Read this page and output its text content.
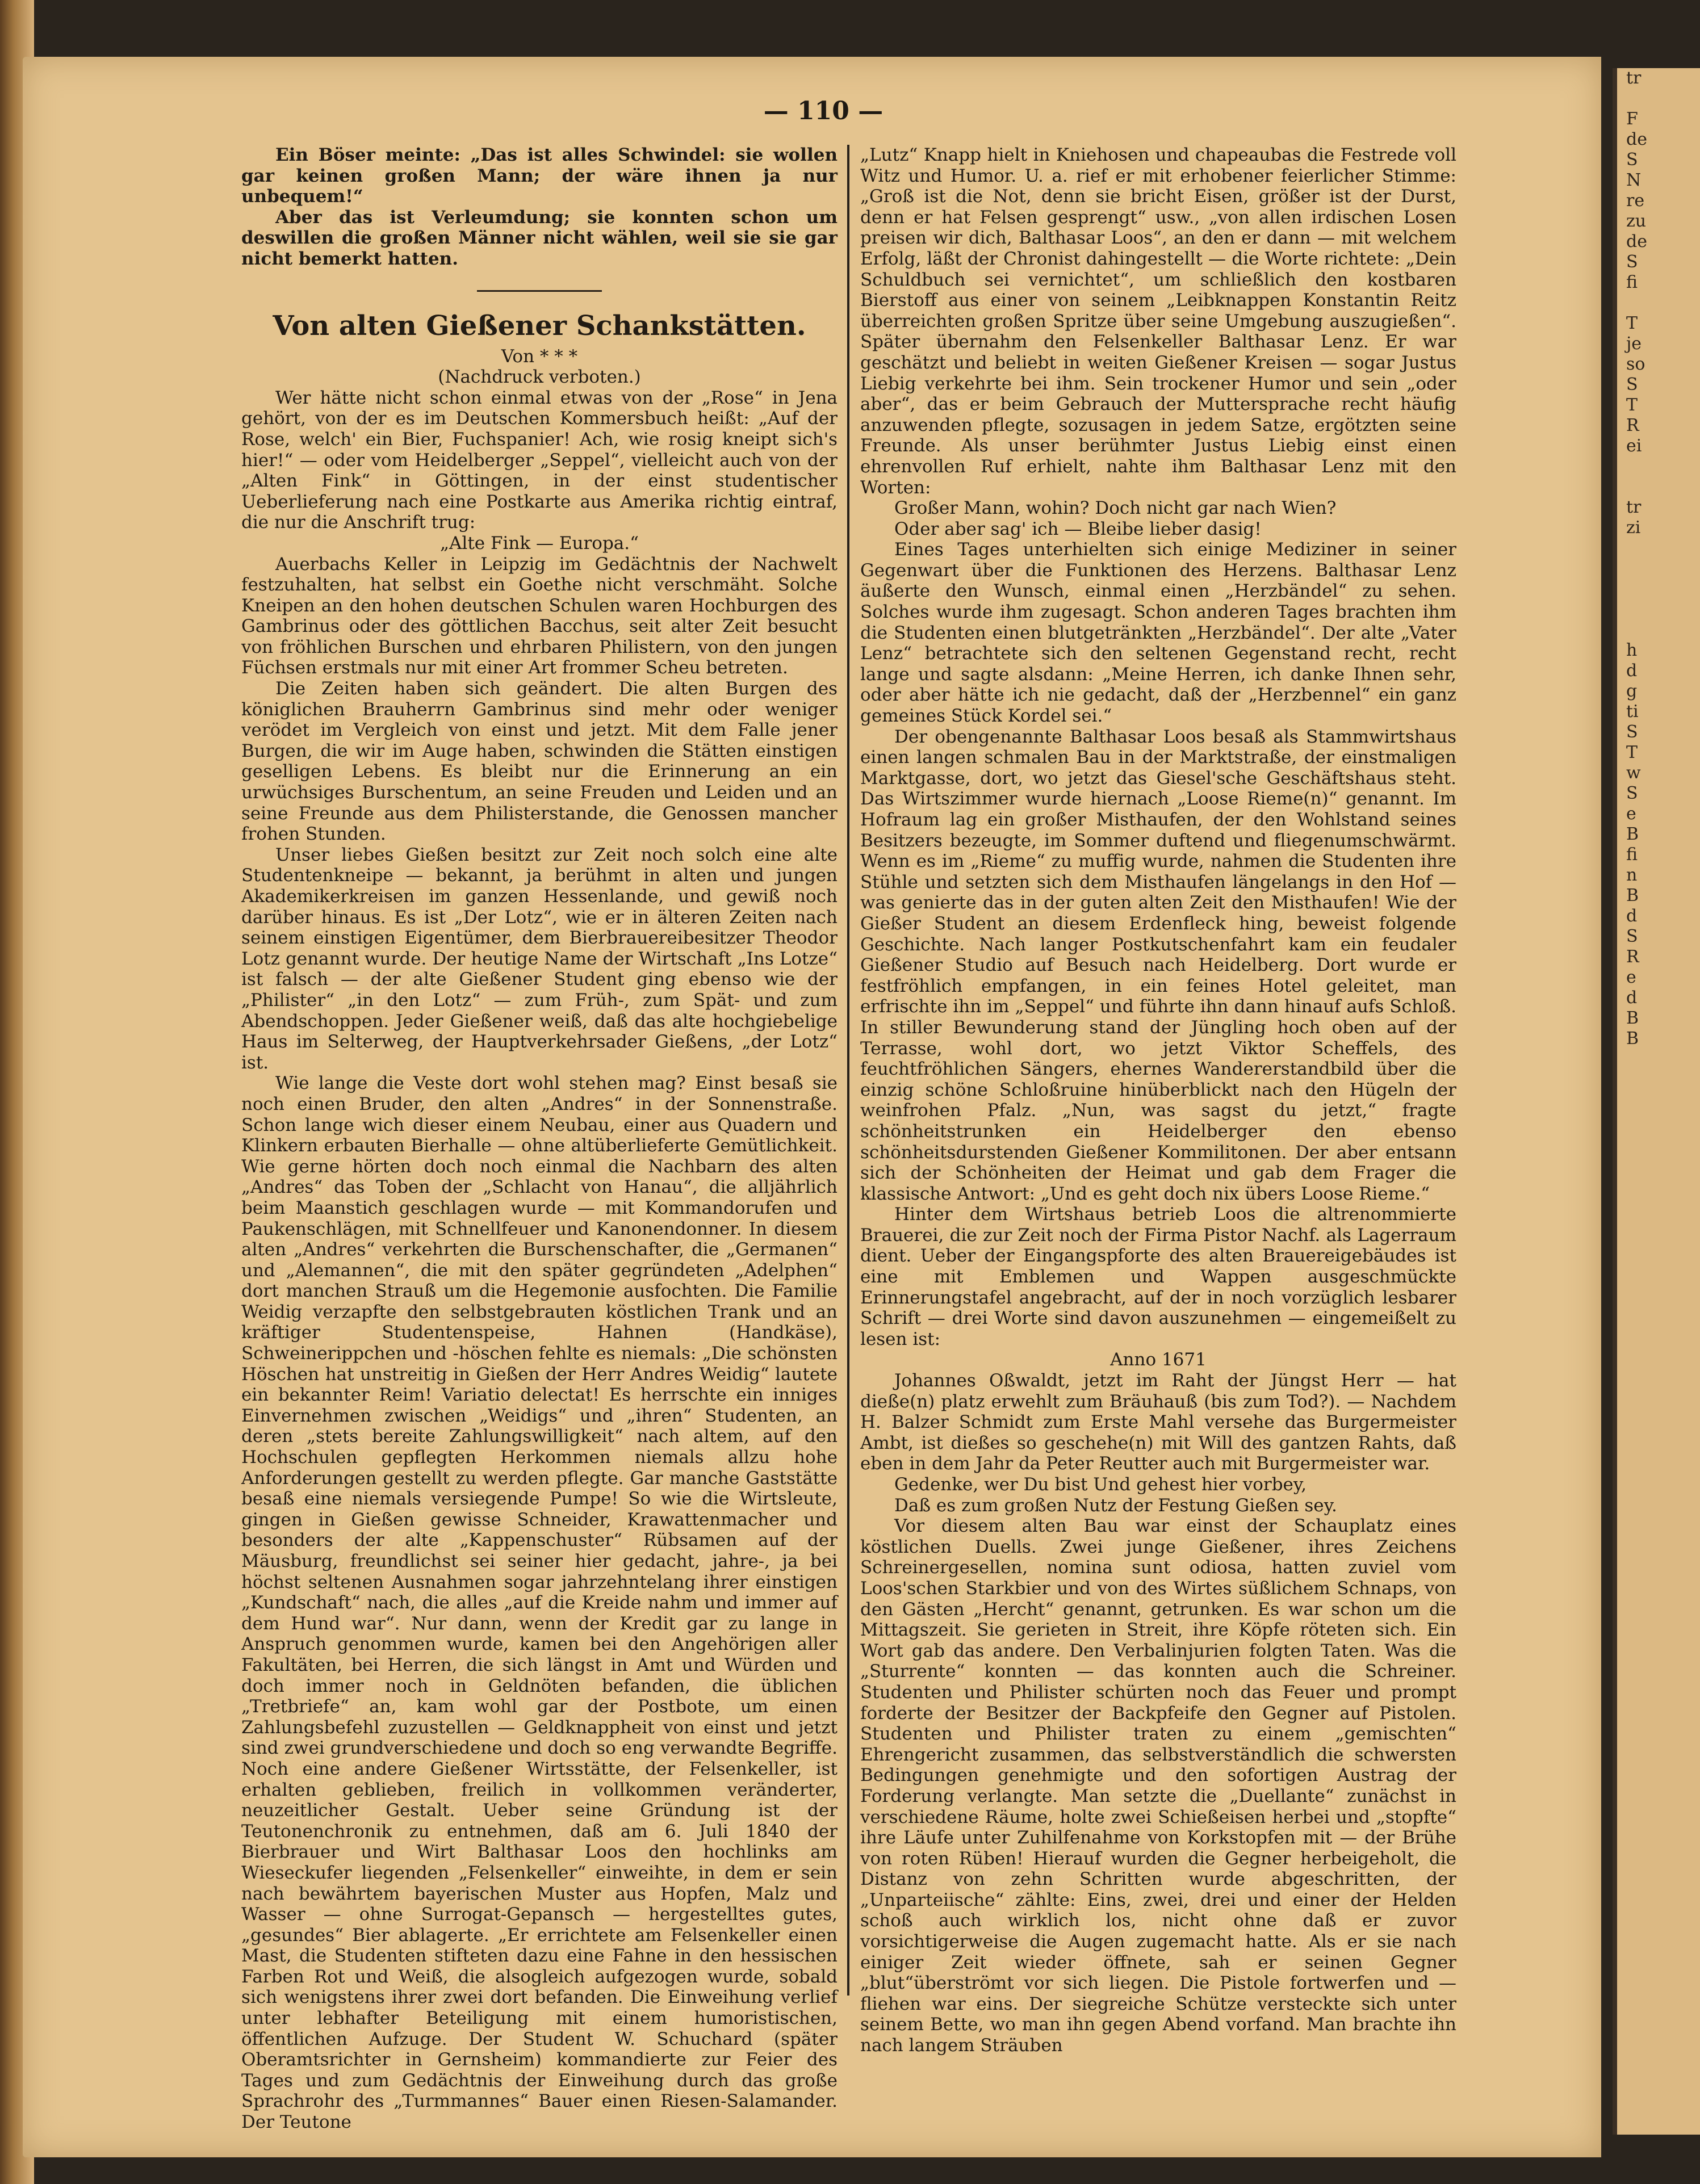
tr

F
de
S
N
re
zu
de
S
fi

T
je
so
S
T
R
ei

tr
zi

h
d
g
ti
S
T
w
S
e
B
fi
n
B
d
S
R
e
d
B
B
— 110 —

Ein Böser meinte: „Das ist alles Schwindel: sie wollen gar keinen großen Mann; der wäre ihnen ja nur unbequem!“

Aber das ist Verleumdung; sie konnten schon um deswillen die großen Männer nicht wählen, weil sie sie gar nicht bemerkt hatten.

Von alten Gießener Schankstätten.

Von * * *

(Nachdruck verboten.)

Wer hätte nicht schon einmal etwas von der „Rose“ in Jena gehört, von der es im Deutschen Kommersbuch heißt: „Auf der Rose, welch' ein Bier, Fuchspanier! Ach, wie rosig kneipt sich's hier!“ — oder vom Heidelberger „Seppel“, vielleicht auch von der „Alten Fink“ in Göttingen, in der einst studentischer Ueberlieferung nach eine Postkarte aus Amerika richtig eintraf, die nur die Anschrift trug:

„Alte Fink — Europa.“

Auerbachs Keller in Leipzig im Gedächtnis der Nachwelt festzuhalten, hat selbst ein Goethe nicht verschmäht. Solche Kneipen an den hohen deutschen Schulen waren Hochburgen des Gambrinus oder des göttlichen Bacchus, seit alter Zeit besucht von fröhlichen Burschen und ehrbaren Philistern, von den jungen Füchsen erstmals nur mit einer Art frommer Scheu betreten.

Die Zeiten haben sich geändert. Die alten Burgen des königlichen Brauherrn Gambrinus sind mehr oder weniger verödet im Vergleich von einst und jetzt. Mit dem Falle jener Burgen, die wir im Auge haben, schwinden die Stätten einstigen geselligen Lebens. Es bleibt nur die Erinnerung an ein urwüchsiges Burschentum, an seine Freuden und Leiden und an seine Freunde aus dem Philisterstande, die Genossen mancher frohen Stunden.

Unser liebes Gießen besitzt zur Zeit noch solch eine alte Studentenkneipe — bekannt, ja berühmt in alten und jungen Akademikerkreisen im ganzen Hessenlande, und gewiß noch darüber hinaus. Es ist „Der Lotz“, wie er in älteren Zeiten nach seinem einstigen Eigentümer, dem Bierbrauereibesitzer Theodor Lotz genannt wurde. Der heutige Name der Wirtschaft „Ins Lotze“ ist falsch — der alte Gießener Student ging ebenso wie der „Philister“ „in den Lotz“ — zum Früh-, zum Spät- und zum Abendschoppen. Jeder Gießener weiß, daß das alte hochgiebelige Haus im Selterweg, der Hauptverkehrsader Gießens, „der Lotz“ ist.

Wie lange die Veste dort wohl stehen mag? Einst besaß sie noch einen Bruder, den alten „Andres“ in der Sonnenstraße. Schon lange wich dieser einem Neubau, einer aus Quadern und Klinkern erbauten Bierhalle — ohne altüberlieferte Gemütlichkeit. Wie gerne hörten doch noch einmal die Nachbarn des alten „Andres“ das Toben der „Schlacht von Hanau“, die alljährlich beim Maanstich geschlagen wurde — mit Kommandorufen und Paukenschlägen, mit Schnellfeuer und Kanonendonner. In diesem alten „Andres“ verkehrten die Burschenschafter, die „Germanen“ und „Alemannen“, die mit den später gegründeten „Adelphen“ dort manchen Strauß um die Hegemonie ausfochten. Die Familie Weidig verzapfte den selbstgebrauten köstlichen Trank und an kräftiger Studentenspeise, Hahnen (Handkäse), Schweinerippchen und -höschen fehlte es niemals: „Die schönsten Höschen hat unstreitig in Gießen der Herr Andres Weidig“ lautete ein bekannter Reim! Variatio delectat! Es herrschte ein inniges Einvernehmen zwischen „Weidigs“ und „ihren“ Studenten, an deren „stets bereite Zahlungswilligkeit“ nach altem, auf den Hochschulen gepflegten Herkommen niemals allzu hohe Anforderungen gestellt zu werden pflegte. Gar manche Gaststätte besaß eine niemals versiegende Pumpe! So wie die Wirtsleute, gingen in Gießen gewisse Schneider, Krawattenmacher und besonders der alte „Kappenschuster“ Rübsamen auf der Mäusburg, freundlichst sei seiner hier gedacht, jahre-, ja bei höchst seltenen Ausnahmen sogar jahrzehntelang ihrer einstigen „Kundschaft“ nach, die alles „auf die Kreide nahm und immer auf dem Hund war“. Nur dann, wenn der Kredit gar zu lange in Anspruch genommen wurde, kamen bei den Angehörigen aller Fakultäten, bei Herren, die sich längst in Amt und Würden und doch immer noch in Geldnöten befanden, die üblichen „Tretbriefe“ an, kam wohl gar der Postbote, um einen Zahlungsbefehl zuzustellen — Geldknappheit von einst und jetzt sind zwei grundverschiedene und doch so eng verwandte Begriffe. Noch eine andere Gießener Wirtsstätte, der Felsenkeller, ist erhalten geblieben, freilich in vollkommen veränderter, neuzeitlicher Gestalt. Ueber seine Gründung ist der Teutonenchronik zu entnehmen, daß am 6. Juli 1840 der Bierbrauer und Wirt Balthasar Loos den hochlinks am Wieseckufer liegenden „Felsenkeller“ einweihte, in dem er sein nach bewährtem bayerischen Muster aus Hopfen, Malz und Wasser — ohne Surrogat-Gepansch — hergestelltes gutes, „gesundes“ Bier ablagerte. „Er errichtete am Felsenkeller einen Mast, die Studenten stifteten dazu eine Fahne in den hessischen Farben Rot und Weiß, die alsogleich aufgezogen wurde, sobald sich wenigstens ihrer zwei dort befanden. Die Einweihung verlief unter lebhafter Beteiligung mit einem humoristischen, öffentlichen Aufzuge. Der Student W. Schuchard (später Oberamtsrichter in Gernsheim) kommandierte zur Feier des Tages und zum Gedächtnis der Einweihung durch das große Sprachrohr des „Turmmannes“ Bauer einen Riesen-Salamander. Der Teutone

„Lutz“ Knapp hielt in Kniehosen und chapeaubas die Festrede voll Witz und Humor. U. a. rief er mit erhobener feierlicher Stimme: „Groß ist die Not, denn sie bricht Eisen, größer ist der Durst, denn er hat Felsen gesprengt“ usw., „von allen irdischen Losen preisen wir dich, Balthasar Loos“, an den er dann — mit welchem Erfolg, läßt der Chronist dahingestellt — die Worte richtete: „Dein Schuldbuch sei vernichtet“, um schließlich den kostbaren Bierstoff aus einer von seinem „Leibknappen Konstantin Reitz überreichten großen Spritze über seine Umgebung auszugießen“. Später übernahm den Felsenkeller Balthasar Lenz. Er war geschätzt und beliebt in weiten Gießener Kreisen — sogar Justus Liebig verkehrte bei ihm. Sein trockener Humor und sein „oder aber“, das er beim Gebrauch der Muttersprache recht häufig anzuwenden pflegte, sozusagen in jedem Satze, ergötzten seine Freunde. Als unser berühmter Justus Liebig einst einen ehrenvollen Ruf erhielt, nahte ihm Balthasar Lenz mit den Worten:

Großer Mann, wohin? Doch nicht gar nach Wien?

Oder aber sag' ich — Bleibe lieber dasig!

Eines Tages unterhielten sich einige Mediziner in seiner Gegenwart über die Funktionen des Herzens. Balthasar Lenz äußerte den Wunsch, einmal einen „Herzbändel“ zu sehen. Solches wurde ihm zugesagt. Schon anderen Tages brachten ihm die Studenten einen blutgetränkten „Herzbändel“. Der alte „Vater Lenz“ betrachtete sich den seltenen Gegenstand recht, recht lange und sagte alsdann: „Meine Herren, ich danke Ihnen sehr, oder aber hätte ich nie gedacht, daß der „Herzbennel“ ein ganz gemeines Stück Kordel sei.“

Der obengenannte Balthasar Loos besaß als Stammwirtshaus einen langen schmalen Bau in der Marktstraße, der einstmaligen Marktgasse, dort, wo jetzt das Giesel'sche Geschäftshaus steht. Das Wirtszimmer wurde hiernach „Loose Rieme(n)“ genannt. Im Hofraum lag ein großer Misthaufen, der den Wohlstand seines Besitzers bezeugte, im Sommer duftend und fliegenumschwärmt. Wenn es im „Rieme“ zu muffig wurde, nahmen die Studenten ihre Stühle und setzten sich dem Misthaufen längelangs in den Hof — was genierte das in der guten alten Zeit den Misthaufen! Wie der Gießer Student an diesem Erdenfleck hing, beweist folgende Geschichte. Nach langer Postkutschenfahrt kam ein feudaler Gießener Studio auf Besuch nach Heidelberg. Dort wurde er festfröhlich empfangen, in ein feines Hotel geleitet, man erfrischte ihn im „Seppel“ und führte ihn dann hinauf aufs Schloß. In stiller Bewunderung stand der Jüngling hoch oben auf der Terrasse, wohl dort, wo jetzt Viktor Scheffels, des feuchtfröhlichen Sängers, ehernes Wandererstandbild über die einzig schöne Schloßruine hinüberblickt nach den Hügeln der weinfrohen Pfalz. „Nun, was sagst du jetzt,“ fragte schönheitstrunken ein Heidelberger den ebenso schönheitsdurstenden Gießener Kommilitonen. Der aber entsann sich der Schönheiten der Heimat und gab dem Frager die klassische Antwort: „Und es geht doch nix übers Loose Rieme.“

Hinter dem Wirtshaus betrieb Loos die altrenommierte Brauerei, die zur Zeit noch der Firma Pistor Nachf. als Lagerraum dient. Ueber der Eingangspforte des alten Brauereigebäudes ist eine mit Emblemen und Wappen ausgeschmückte Erinnerungstafel angebracht, auf der in noch vorzüglich lesbarer Schrift — drei Worte sind davon auszunehmen — eingemeißelt zu lesen ist:

Anno 1671

Johannes Oßwaldt, jetzt im Raht der Jüngst Herr — hat dieße(n) platz erwehlt zum Bräuhauß (bis zum Tod?). — Nachdem H. Balzer Schmidt zum Erste Mahl versehe das Burgermeister Ambt, ist dießes so geschehe(n) mit Will des gantzen Rahts, daß eben in dem Jahr da Peter Reutter auch mit Burgermeister war.

Gedenke, wer Du bist Und gehest hier vorbey,

Daß es zum großen Nutz der Festung Gießen sey.

Vor diesem alten Bau war einst der Schauplatz eines köstlichen Duells. Zwei junge Gießener, ihres Zeichens Schreinergesellen, nomina sunt odiosa, hatten zuviel vom Loos'schen Starkbier und von des Wirtes süßlichem Schnaps, von den Gästen „Hercht“ genannt, getrunken. Es war schon um die Mittagszeit. Sie gerieten in Streit, ihre Köpfe röteten sich. Ein Wort gab das andere. Den Verbalinjurien folgten Taten. Was die „Sturrente“ konnten — das konnten auch die Schreiner. Studenten und Philister schürten noch das Feuer und prompt forderte der Besitzer der Backpfeife den Gegner auf Pistolen. Studenten und Philister traten zu einem „gemischten“ Ehrengericht zusammen, das selbstverständlich die schwersten Bedingungen genehmigte und den sofortigen Austrag der Forderung verlangte. Man setzte die „Duellante“ zunächst in verschiedene Räume, holte zwei Schießeisen herbei und „stopfte“ ihre Läufe unter Zuhilfenahme von Korkstopfen mit — der Brühe von roten Rüben! Hierauf wurden die Gegner herbeigeholt, die Distanz von zehn Schritten wurde abgeschritten, der „Unparteiische“ zählte: Eins, zwei, drei und einer der Helden schoß auch wirklich los, nicht ohne daß er zuvor vorsichtigerweise die Augen zugemacht hatte. Als er sie nach einiger Zeit wieder öffnete, sah er seinen Gegner „blut“überströmt vor sich liegen. Die Pistole fortwerfen und — fliehen war eins. Der siegreiche Schütze versteckte sich unter seinem Bette, wo man ihn gegen Abend vorfand. Man brachte ihn nach langem Sträuben
